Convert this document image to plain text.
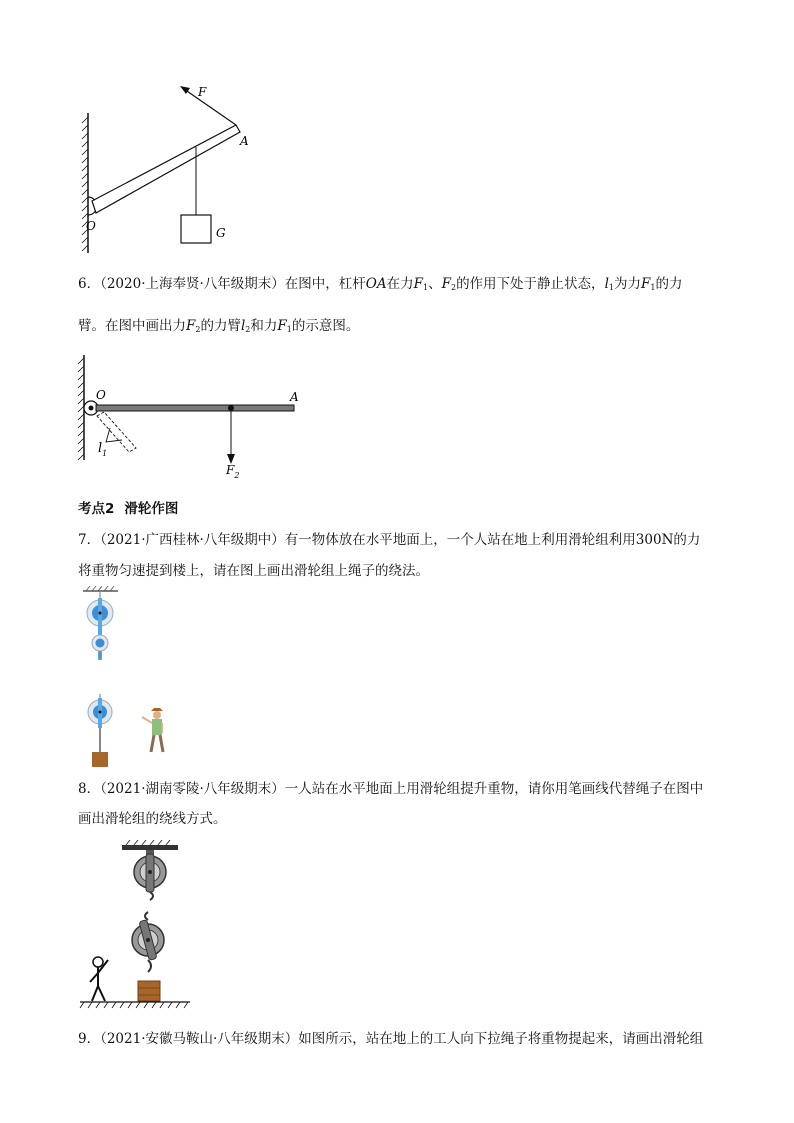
F
A
O	G
6．（2020·上海奉贤·八年级期末）在图中，杠杆OA在力$F_1$、$F_2$的作用下处于静止状态，$l_1$为力$F_1$的力
臂。在图中画出力$F_2$的力臂$l_2$和力$F_1$的示意图。
O	A
$l_1$
$F_2$
考点2 滑轮作图
7．（2021·广西桂林·八年级期中）有一物体放在水平地面上，一个人站在地上利用滑轮组利用300N的力
将重物匀速提到楼上，请在图上画出滑轮组上绳子的绕法。
8．（2021·湖南零陵·八年级期末）一人站在水平地面上用滑轮组提升重物，请你用笔画线代替绳子在图中
画出滑轮组的绕线方式。
9．（2021·安徽马鞍山·八年级期末）如图所示，站在地上的工人向下拉绳子将重物提起来，请画出滑轮组
